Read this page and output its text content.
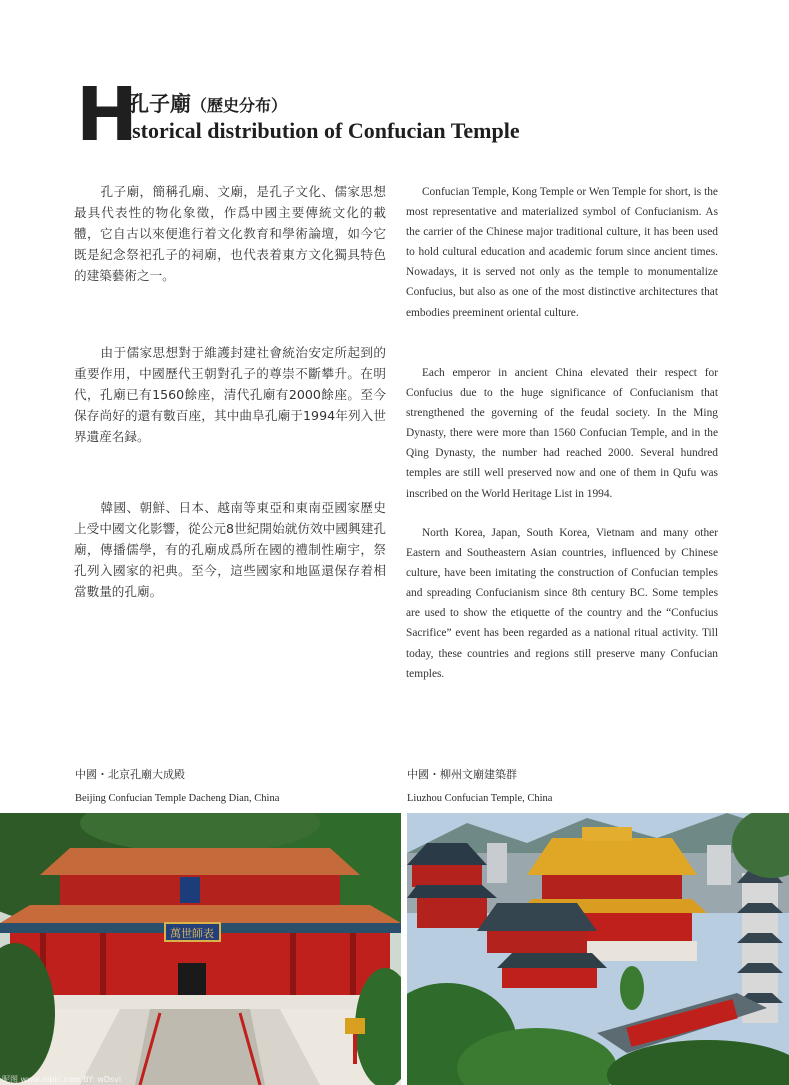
H
孔子廟（歷史分布）
istorical distribution of Confucian Temple

孔子廟，簡稱孔廟、文廟，是孔子文化、儒家思想最具代表性的物化象徵，作爲中國主要傳統文化的載體，它自古以來便進行着文化教育和學術論壇，如今它既是紀念祭祀孔子的祠廟，也代表着東方文化獨具特色的建築藝術之一。

由于儒家思想對于維護封建社會統治安定所起到的重要作用，中國歷代王朝對孔子的尊崇不斷攀升。在明代，孔廟已有1560餘座，清代孔廟有2000餘座。至今保存尚好的還有數百座，其中曲阜孔廟于1994年列入世界遺産名録。

韓國、朝鮮、日本、越南等東亞和東南亞國家歷史上受中國文化影響，從公元8世紀開始就仿效中國興建孔廟，傳播儒學，有的孔廟成爲所在國的禮制性廟宇，祭孔列入國家的祀典。至今，這些國家和地區還保存着相當數量的孔廟。

Confucian Temple, Kong Temple or Wen Temple for short, is the most representative and materialized symbol of Confucianism. As the carrier of the Chinese major traditional culture, it has been used to hold cultural education and academic forum since ancient times. Nowadays, it is served not only as the temple to monumentalize Confucius, but also as one of the most distinctive architectures that embodies preeminent oriental culture.

Each emperor in ancient China elevated their respect for Confucius due to the huge significance of Confucianism that strengthened the governing of the feudal society. In the Ming Dynasty, there were more than 1560 Confucian Temple, and in the Qing Dynasty, the number had reached 2000. Several hundred temples are still well preserved now and one of them in Qufu was inscribed on the World Heritage List in 1994.

North Korea, Japan, South Korea, Vietnam and many other Eastern and Southeastern Asian countries, influenced by Chinese culture, have been imitating the construction of Confucian temples and spreading Confucianism since 8th century BC. Some temples are used to show the etiquette of the country and the “Confucius Sacrifice” event has been regarded as a national ritual activity. Till today, these countries and regions still preserve many Confucian temples.

中國・北京孔廟大成殿
Beijing Confucian Temple Dacheng Dian, China
中國・柳州文廟建築群
Liuzhou Confucian Temple, China
萬世師表
昵图 www.nipic.com BY: wDsvi
